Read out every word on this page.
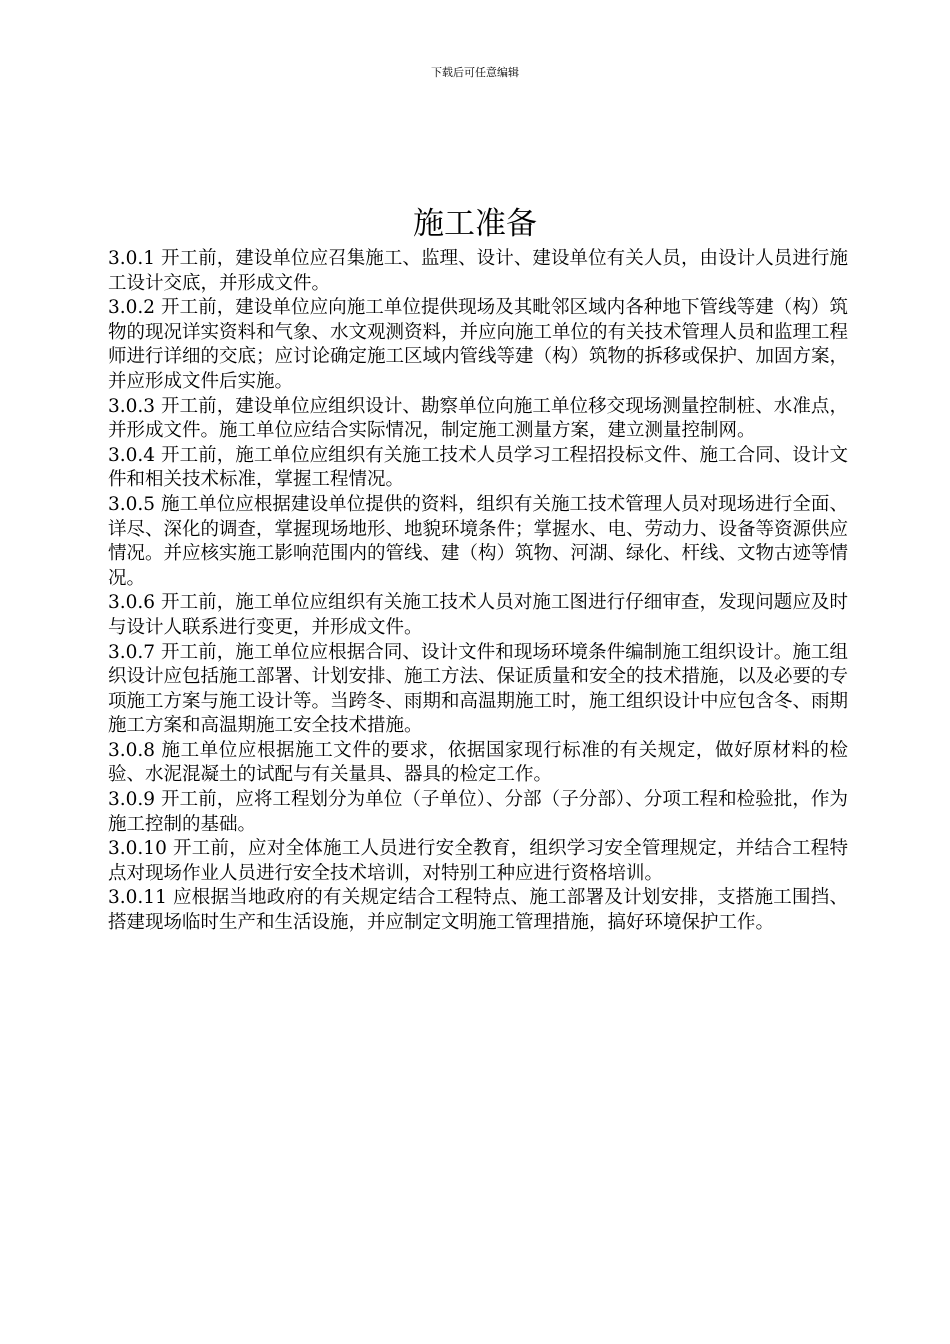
下载后可任意编辑
施工准备

3.0.1 开工前，建设单位应召集施工、监理、设计、建设单位有关人员，由设计人员进行施工设计交底，并形成文件。

3.0.2 开工前，建设单位应向施工单位提供现场及其毗邻区域内各种地下管线等建（构）筑物的现况详实资料和气象、水文观测资料，并应向施工单位的有关技术管理人员和监理工程师进行详细的交底；应讨论确定施工区域内管线等建（构）筑物的拆移或保护、加固方案，并应形成文件后实施。

3.0.3 开工前，建设单位应组织设计、勘察单位向施工单位移交现场测量控制桩、水准点，并形成文件。施工单位应结合实际情况，制定施工测量方案，建立测量控制网。

3.0.4 开工前，施工单位应组织有关施工技术人员学习工程招投标文件、施工合同、设计文件和相关技术标准，掌握工程情况。

3.0.5 施工单位应根据建设单位提供的资料，组织有关施工技术管理人员对现场进行全面、详尽、深化的调查，掌握现场地形、地貌环境条件；掌握水、电、劳动力、设备等资源供应情况。并应核实施工影响范围内的管线、建（构）筑物、河湖、绿化、杆线、文物古迹等情况。

3.0.6 开工前，施工单位应组织有关施工技术人员对施工图进行仔细审查，发现问题应及时与设计人联系进行变更，并形成文件。

3.0.7 开工前，施工单位应根据合同、设计文件和现场环境条件编制施工组织设计。施工组织设计应包括施工部署、计划安排、施工方法、保证质量和安全的技术措施，以及必要的专项施工方案与施工设计等。当跨冬、雨期和高温期施工时，施工组织设计中应包含冬、雨期施工方案和高温期施工安全技术措施。

3.0.8 施工单位应根据施工文件的要求，依据国家现行标准的有关规定，做好原材料的检验、水泥混凝土的试配与有关量具、器具的检定工作。

3.0.9 开工前，应将工程划分为单位（子单位）、分部（子分部）、分项工程和检验批，作为施工控制的基础。

3.0.10 开工前，应对全体施工人员进行安全教育，组织学习安全管理规定，并结合工程特点对现场作业人员进行安全技术培训，对特别工种应进行资格培训。

3.0.11 应根据当地政府的有关规定结合工程特点、施工部署及计划安排，支搭施工围挡、搭建现场临时生产和生活设施，并应制定文明施工管理措施，搞好环境保护工作。
